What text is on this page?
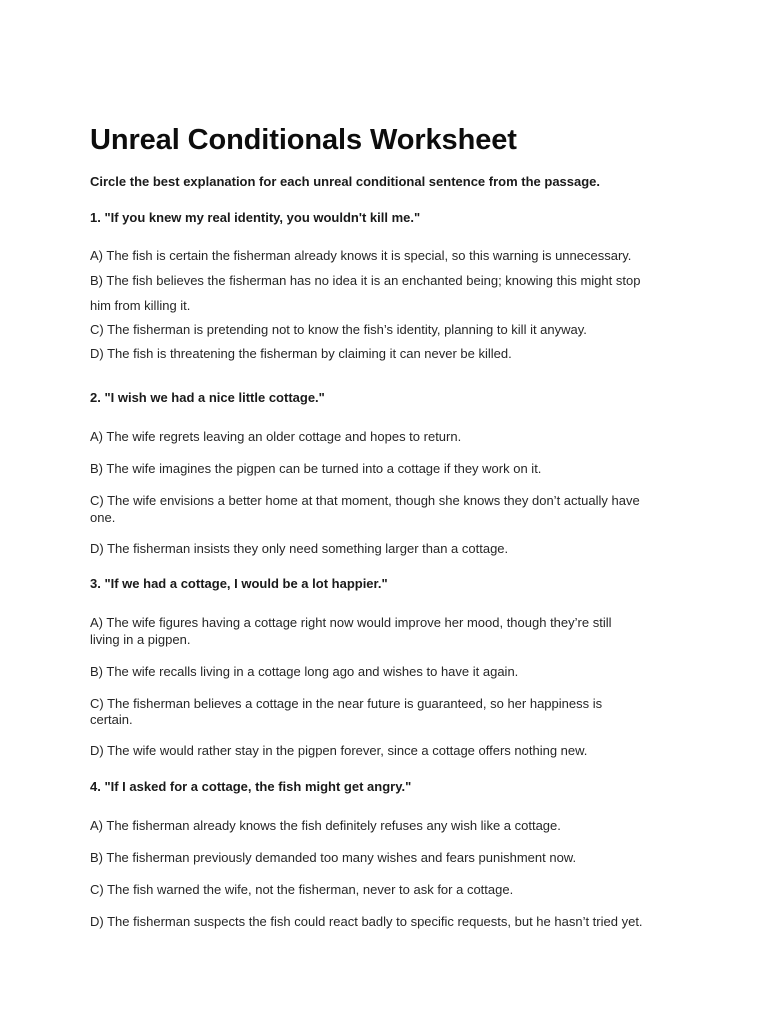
Unreal Conditionals Worksheet
Circle the best explanation for each unreal conditional sentence from the passage.
1. "If you knew my real identity, you wouldn't kill me."
A) The fish is certain the fisherman already knows it is special, so this warning is unnecessary.
B) The fish believes the fisherman has no idea it is an enchanted being; knowing this might stop
him from killing it.
C) The fisherman is pretending not to know the fish’s identity, planning to kill it anyway.
D) The fish is threatening the fisherman by claiming it can never be killed.
2. "I wish we had a nice little cottage."
A) The wife regrets leaving an older cottage and hopes to return.
B) The wife imagines the pigpen can be turned into a cottage if they work on it.
C) The wife envisions a better home at that moment, though she knows they don’t actually have
one.
D) The fisherman insists they only need something larger than a cottage.
3. "If we had a cottage, I would be a lot happier."
A) The wife figures having a cottage right now would improve her mood, though they’re still
living in a pigpen.
B) The wife recalls living in a cottage long ago and wishes to have it again.
C) The fisherman believes a cottage in the near future is guaranteed, so her happiness is
certain.
D) The wife would rather stay in the pigpen forever, since a cottage offers nothing new.
4. "If I asked for a cottage, the fish might get angry."
A) The fisherman already knows the fish definitely refuses any wish like a cottage.
B) The fisherman previously demanded too many wishes and fears punishment now.
C) The fish warned the wife, not the fisherman, never to ask for a cottage.
D) The fisherman suspects the fish could react badly to specific requests, but he hasn’t tried yet.
